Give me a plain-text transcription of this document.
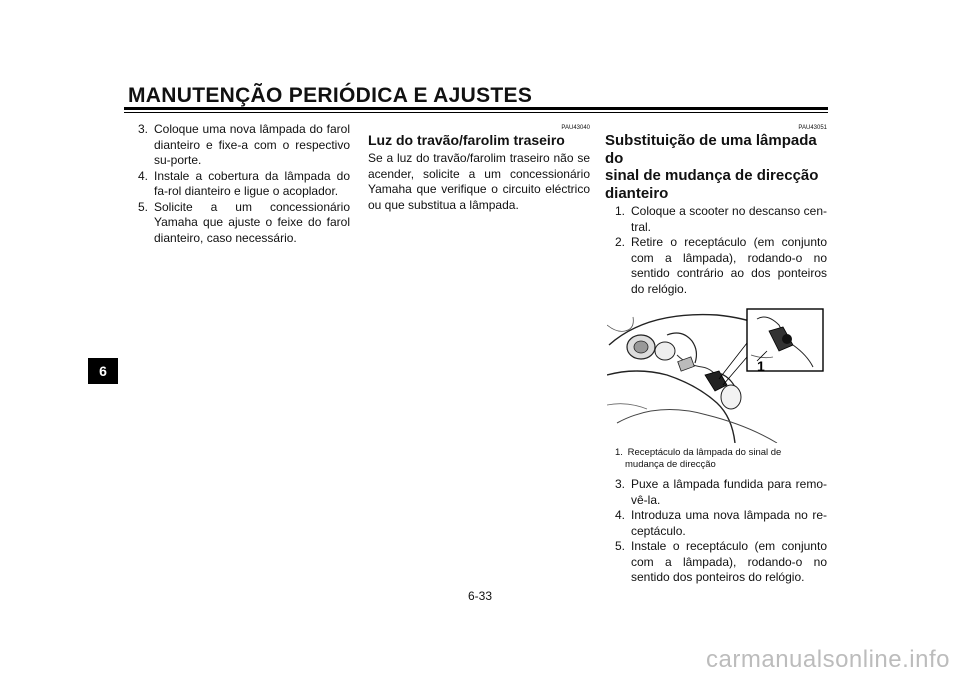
MANUTENÇÃO PERIÓDICA E AJUSTES
6
3. Coloque uma nova lâmpada do farol dianteiro e fixe-a com o respectivo su-porte.
4. Instale a cobertura da lâmpada do fa-rol dianteiro e ligue o acoplador.
5. Solicite a um concessionário Yamaha que ajuste o feixe do farol dianteiro, caso necessário.

PAU43040

Luz do travão/farolim traseiro

Se a luz do travão/farolim traseiro não se acender, solicite a um concessionário Yamaha que verifique o circuito eléctrico ou que substitua a lâmpada.

PAU43051

Substituição de uma lâmpada do
sinal de mudança de direcção
dianteiro
1. Coloque a scooter no descanso cen-tral.
2. Retire o receptáculo (em conjunto com a lâmpada), rodando-o no sentido contrário ao dos ponteiros do relógio.
1
1. Receptáculo da lâmpada do sinal de
mudança de direcção
3. Puxe a lâmpada fundida para remo-vê-la.
4. Introduza uma nova lâmpada no re-ceptáculo.
5. Instale o receptáculo (em conjunto com a lâmpada), rodando-o no sentido dos ponteiros do relógio.
6-33
carmanualsonline.info
